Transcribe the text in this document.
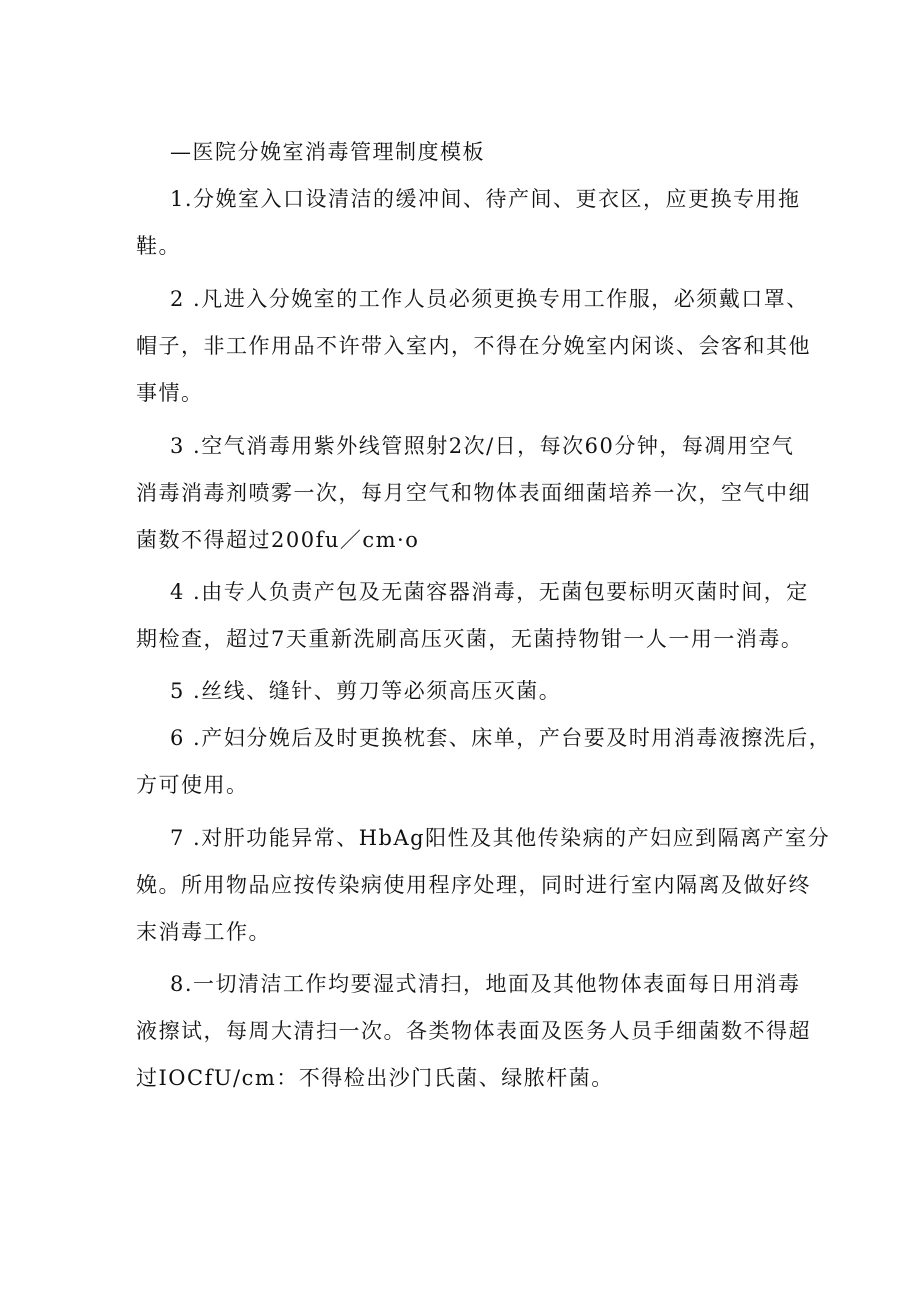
—医院分娩室消毒管理制度模板
1.分娩室入口设清洁的缓冲间、待产间、更衣区，应更换专用拖
鞋。
2 .凡进入分娩室的工作人员必须更换专用工作服，必须戴口罩、
帽子，非工作用品不许带入室内，不得在分娩室内闲谈、会客和其他
事情。
3 .空气消毒用紫外线管照射2次/日，每次60分钟，每凋用空气
消毒消毒剂喷雾一次，每月空气和物体表面细菌培养一次，空气中细
菌数不得超过200fu／cm·o
4 .由专人负责产包及无菌容器消毒，无菌包要标明灭菌时间，定
期检查，超过7天重新洗刷高压灭菌，无菌持物钳一人一用一消毒。
5 .丝线、缝针、剪刀等必须高压灭菌。
6 .产妇分娩后及时更换枕套、床单，产台要及时用消毒液擦洗后，
方可使用。
7 .对肝功能异常、HbAg阳性及其他传染病的产妇应到隔离产室分
娩。所用物品应按传染病使用程序处理，同时进行室内隔离及做好终
末消毒工作。
8.一切清洁工作均要湿式清扫，地面及其他物体表面每日用消毒
液擦试，每周大清扫一次。各类物体表面及医务人员手细菌数不得超
过IOCfU/cm：不得检出沙门氏菌、绿脓杆菌。
